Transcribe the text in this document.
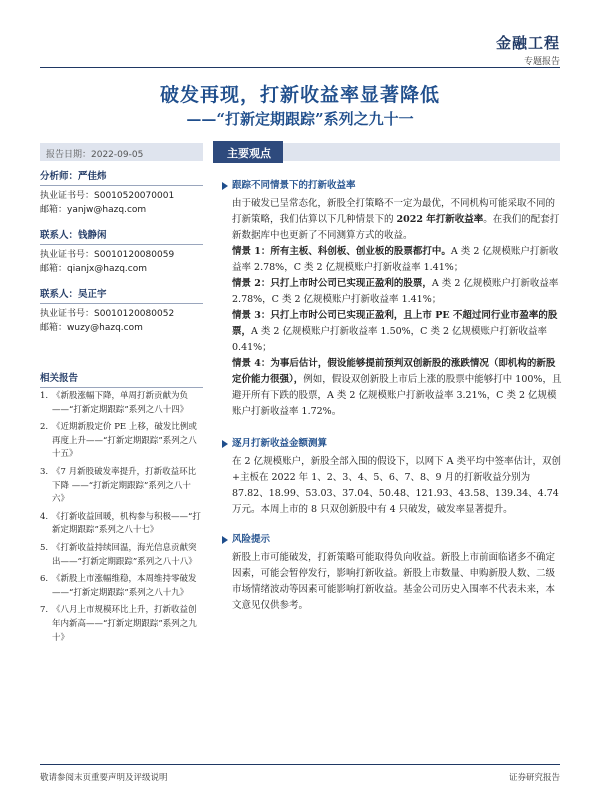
金融工程
专题报告
破发再现，打新收益率显著降低
——“打新定期跟踪”系列之九十一
报告日期：2022-09-05	主要观点
分析师：严佳炜
执业证书号：S0010520070001
邮箱：yanjw@hazq.com
联系人：钱静闲
执业证书号：S0010120080059
邮箱：qianjx@hazq.com
联系人：吴正宇
执业证书号：S0010120080052
邮箱：wuzy@hazq.com
相关报告
1. 《新股涨幅下降，单周打新贡献为负——“打新定期跟踪”系列之八十四》
2. 《近期新股定价 PE 上移，破发比例或再度上升——“打新定期跟踪”系列之八十五》
3. 《7 月新股破发率提升，打新收益环比下降 ——“打新定期跟踪”系列之八十六》
4. 《打新收益回暖，机构参与积极——“打新定期跟踪”系列之八十七》
5. 《打新收益持续回温，海光信息贡献突出——“打新定期跟踪”系列之八十八》
6. 《新股上市涨幅维稳，本周维持零破发——“打新定期跟踪”系列之八十九》
7. 《八月上市规模环比上升，打新收益创年内新高——“打新定期跟踪”系列之九十》
跟踪不同情景下的打新收益率
由于破发已呈常态化，新股全打策略不一定为最优，不同机构可能采取不同的打新策略，我们估算以下几种情景下的 2022 年打新收益率。在我们的配套打新数据库中也更新了不同测算方式的收益。
情景 1：所有主板、科创板、创业板的股票都打中。A 类 2 亿规模账户打新收益率 2.78%，C 类 2 亿规模账户打新收益率 1.41%；
情景 2：只打上市时公司已实现正盈利的股票，A 类 2 亿规模账户打新收益率 2.78%，C 类 2 亿规模账户打新收益率 1.41%；
情景 3：只打上市时公司已实现正盈利，且上市 PE 不超过同行业市盈率的股票，A 类 2 亿规模账户打新收益率 1.50%，C 类 2 亿规模账户打新收益率 0.41%；
情景 4：为事后估计，假设能够提前预判双创新股的涨跌情况（即机构的新股定价能力很强），例如，假设双创新股上市后上涨的股票中能够打中 100%，且避开所有下跌的股票，A 类 2 亿规模账户打新收益率 3.21%，C 类 2 亿规模账户打新收益率 1.72%。
逐月打新收益金额测算
在 2 亿规模账户，新股全部入围的假设下，以网下 A 类平均中签率估计，双创+主板在 2022 年 1、2、3、4、5、6、7、8、9 月的打新收益分别为 87.82、18.99、53.03、37.04、50.48、121.93、43.58、139.34、4.74 万元。本周上市的 8 只双创新股中有 4 只破发，破发率显著提升。
风险提示
新股上市可能破发，打新策略可能取得负向收益。新股上市前面临诸多不确定因素，可能会暂停发行，影响打新收益。新股上市数量、申购新股人数、二级市场情绪波动等因素可能影响打新收益。基金公司历史入围率不代表未来，本文意见仅供参考。
敬请参阅末页重要声明及评级说明	证券研究报告
